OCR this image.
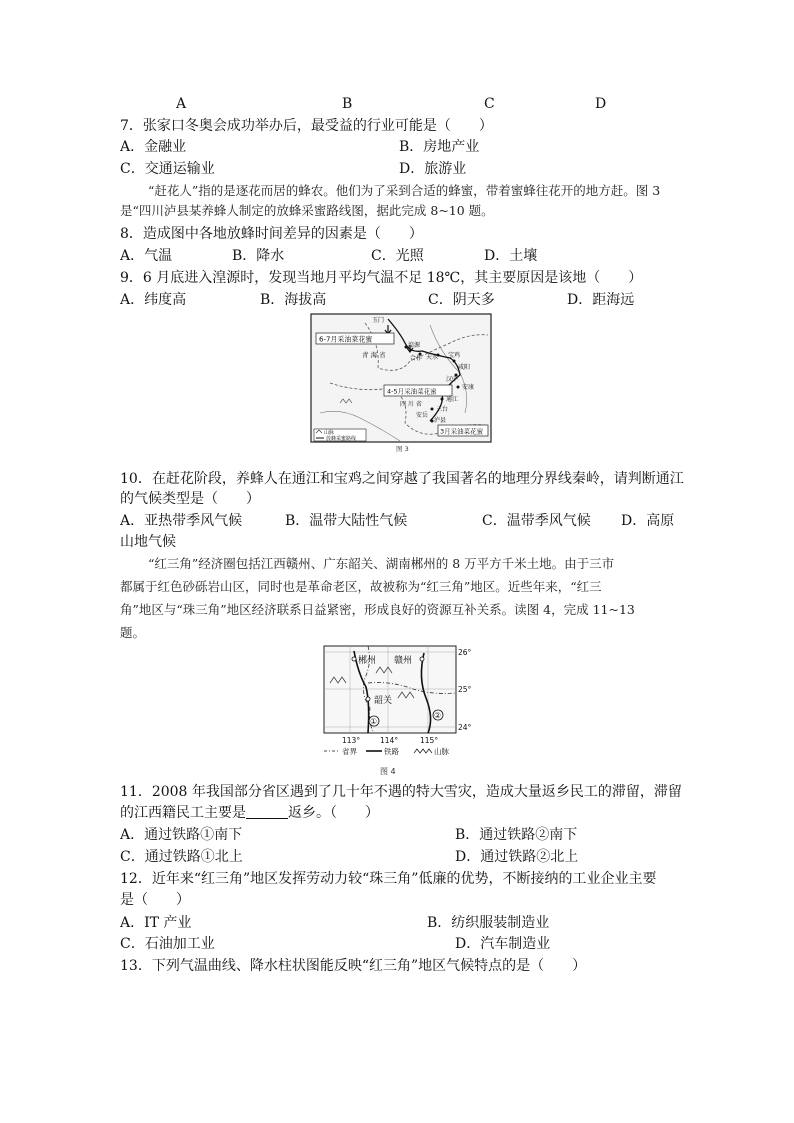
A	B	C	D
7．张家口冬奥会成功举办后，最受益的行业可能是（　　）
A．金融业	B．房地产业
C．交通运输业	D．旅游业
“赶花人”指的是逐花而居的蜂农。他们为了采到合适的蜂蜜，带着蜜蜂往花开的地方赶。图 3 是“四川泸县某养蜂人制定的放蜂采蜜路线图，据此完成 8~10 题。
8．造成图中各地放蜂时间差异的因素是（　　）
A．气温	B．降水	C．光照	D．土壤
9．6 月底进入湟源时，发现当地月平均气温不足 18℃，其主要原因是该地（　　）
A．纬度高	B．海拔高	C．阴天多	D．距海远
6-7月采油菜花蜜
4-5月采油菜花蜜
3月采油菜花蜜
青 海 省
四 川 省
湟源
合作 天水 宝鸡
咸阳
汉中
安康
通江
三台
安岳
泸县
玉门
山脉
放蜂采蜜路线
图 3
10．在赶花阶段，养蜂人在通江和宝鸡之间穿越了我国著名的地理分界线秦岭，请判断通江
的气候类型是（　　）
A．亚热带季风气候	B．温带大陆性气候	C．温带季风气候 D．高原
山地气候
“红三角”经济圈包括江西赣州、广东韶关、湖南郴州的 8 万平方千米土地。由于三市
都属于红色砂砾岩山区，同时也是革命老区，故被称为“红三角”地区。近些年来，“红三
角”地区与“珠三角”地区经济联系日益紧密，形成良好的资源互补关系。读图 4，完成 11~13
题。
郴州 赣州
韶关
①
②
26°
25°
24°
113°	114°	115°
省界	铁路	山脉
图 4
11．2008 年我国部分省区遇到了几十年不遇的特大雪灾，造成大量返乡民工的滞留，滞留
的江西籍民工主要是	返乡。（　　）
A．通过铁路①南下	B．通过铁路②南下
C．通过铁路①北上	D．通过铁路②北上
12．近年来“红三角”地区发挥劳动力较“珠三角”低廉的优势，不断接纳的工业企业主要
是（　　）
A．IT 产业	B．纺织服装制造业
C．石油加工业	D．汽车制造业
13．下列气温曲线、降水柱状图能反映“红三角”地区气候特点的是（　　）
